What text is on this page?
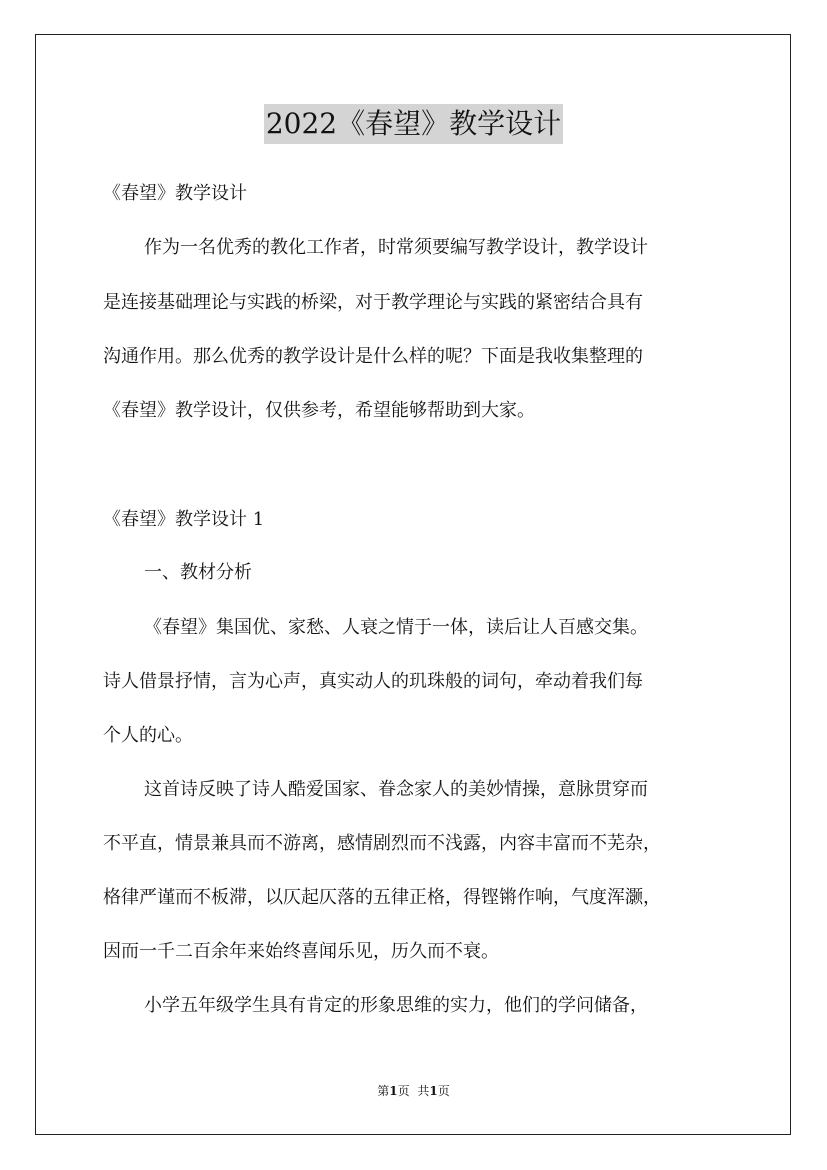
2022《春望》教学设计

《春望》教学设计

作为一名优秀的教化工作者，时常须要编写教学设计，教学设计

是连接基础理论与实践的桥梁，对于教学理论与实践的紧密结合具有

沟通作用。那么优秀的教学设计是什么样的呢？下面是我收集整理的

《春望》教学设计，仅供参考，希望能够帮助到大家。

《春望》教学设计 1

一、教材分析

《春望》集国优、家愁、人衰之情于一体，读后让人百感交集。

诗人借景抒情，言为心声，真实动人的玑珠般的词句，牵动着我们每

个人的心。

这首诗反映了诗人酷爱国家、眷念家人的美妙情操，意脉贯穿而

不平直，情景兼具而不游离，感情剧烈而不浅露，内容丰富而不芜杂，

格律严谨而不板滞，以仄起仄落的五律正格，得铿锵作响，气度浑灏，

因而一千二百余年来始终喜闻乐见，历久而不衰。

小学五年级学生具有肯定的形象思维的实力，他们的学问储备，

第1页 共1页
